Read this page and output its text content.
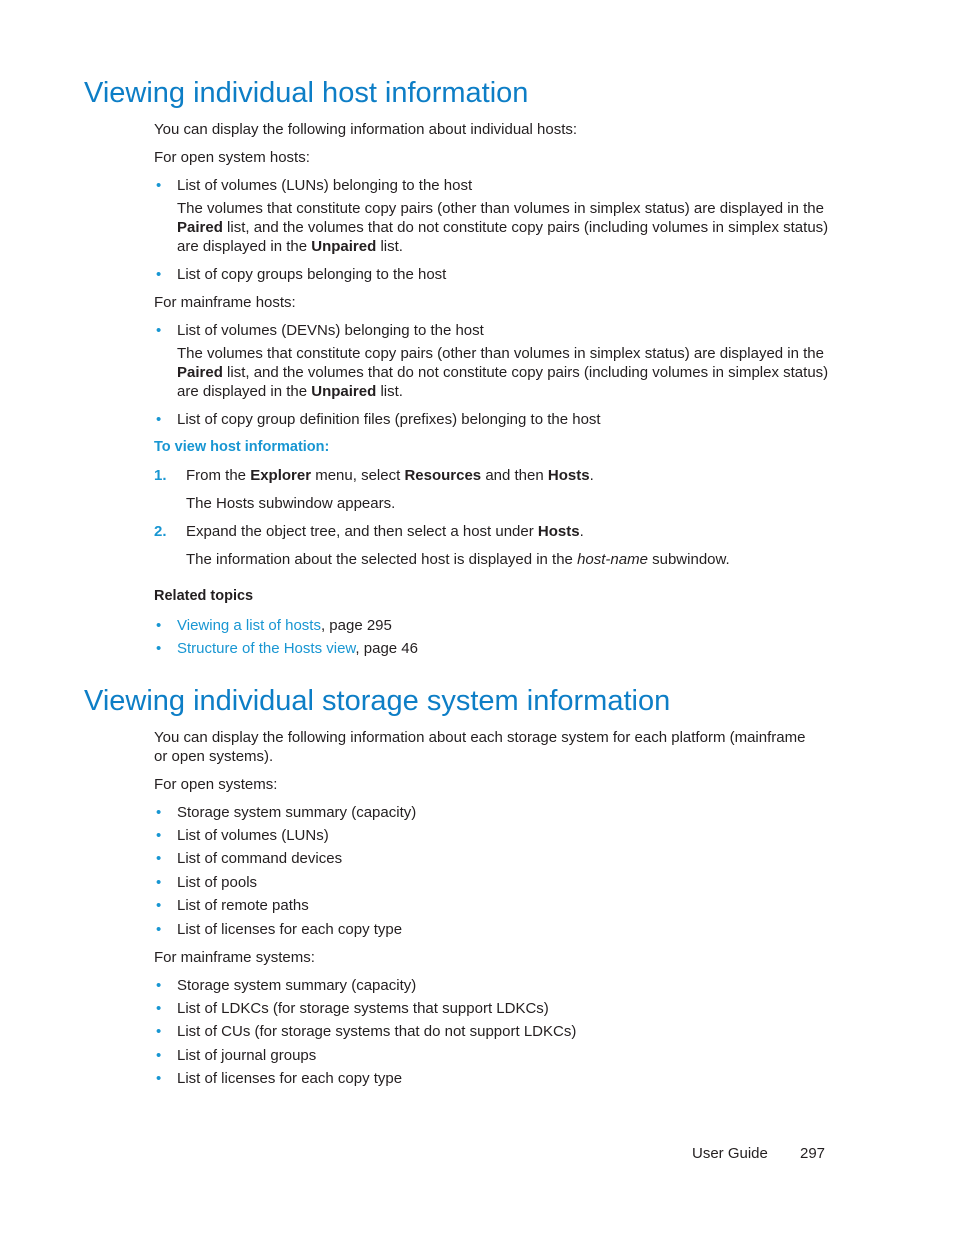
Viewing individual host information
You can display the following information about individual hosts:
For open system hosts:
• List of volumes (LUNs) belonging to the host
The volumes that constitute copy pairs (other than volumes in simplex status) are displayed in the
Paired list, and the volumes that do not constitute copy pairs (including volumes in simplex status)
are displayed in the Unpaired list.
• List of copy groups belonging to the host
For mainframe hosts:
• List of volumes (DEVNs) belonging to the host
The volumes that constitute copy pairs (other than volumes in simplex status) are displayed in the
Paired list, and the volumes that do not constitute copy pairs (including volumes in simplex status)
are displayed in the Unpaired list.
• List of copy group definition files (prefixes) belonging to the host
To view host information:
1. From the Explorer menu, select Resources and then Hosts.
The Hosts subwindow appears.
2. Expand the object tree, and then select a host under Hosts.
The information about the selected host is displayed in the host-name subwindow.
Related topics
• Viewing a list of hosts, page 295
• Structure of the Hosts view, page 46
Viewing individual storage system information
You can display the following information about each storage system for each platform (mainframe
or open systems).
For open systems:
• Storage system summary (capacity)
• List of volumes (LUNs)
• List of command devices
• List of pools
• List of remote paths
• List of licenses for each copy type
For mainframe systems:
• Storage system summary (capacity)
• List of LDKCs (for storage systems that support LDKCs)
• List of CUs (for storage systems that do not support LDKCs)
• List of journal groups
• List of licenses for each copy type
User Guide 297
